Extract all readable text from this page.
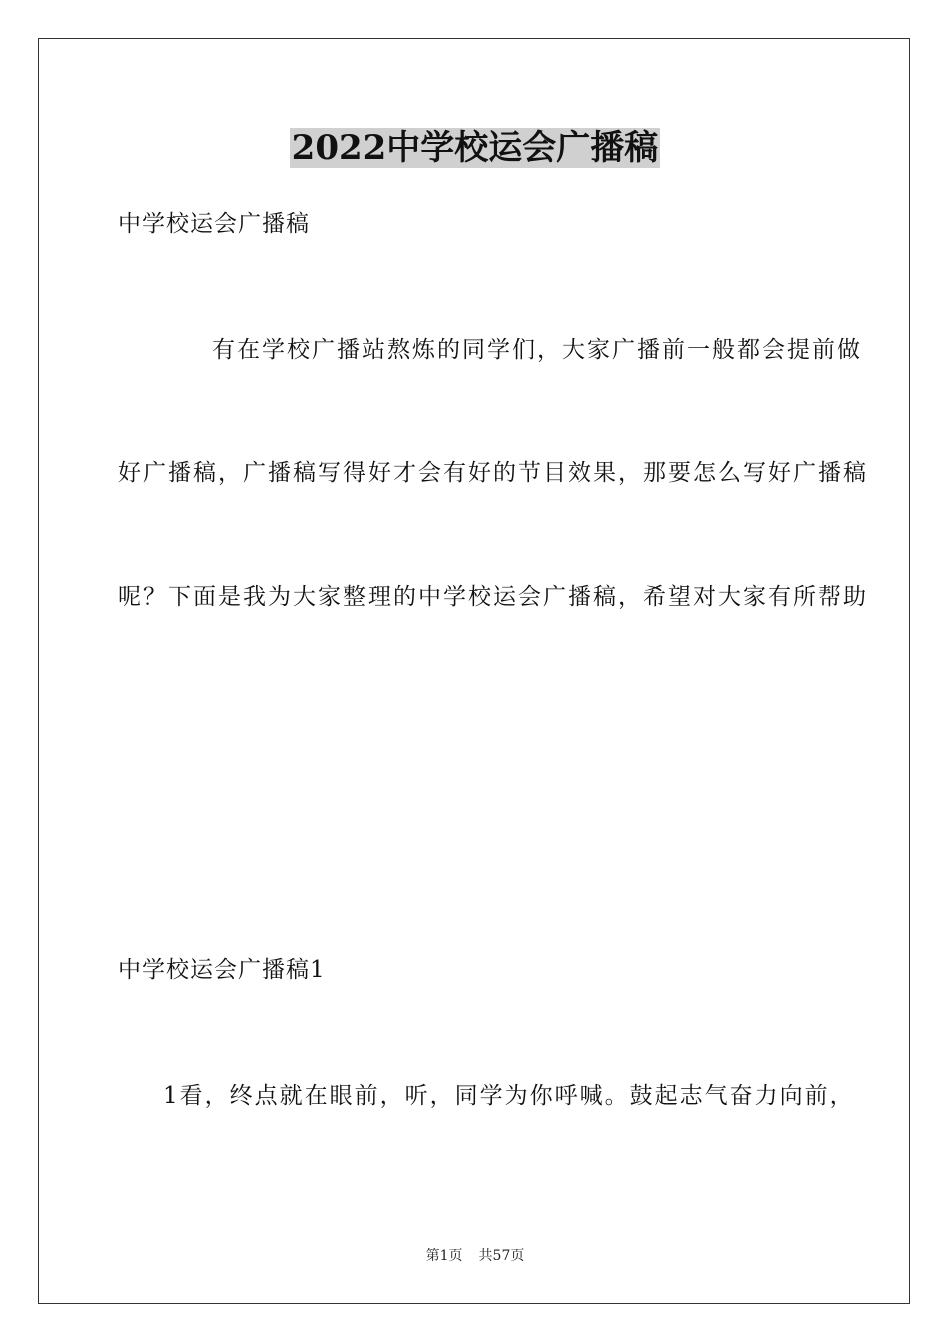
2022中学校运会广播稿
中学校运会广播稿
有在学校广播站熬炼的同学们，大家广播前一般都会提前做
好广播稿，广播稿写得好才会有好的节目效果，那要怎么写好广播稿
呢？下面是我为大家整理的中学校运会广播稿，希望对大家有所帮助
中学校运会广播稿1
1看，终点就在眼前，听，同学为你呼喊。鼓起志气奋力向前，
第1页 共57页
